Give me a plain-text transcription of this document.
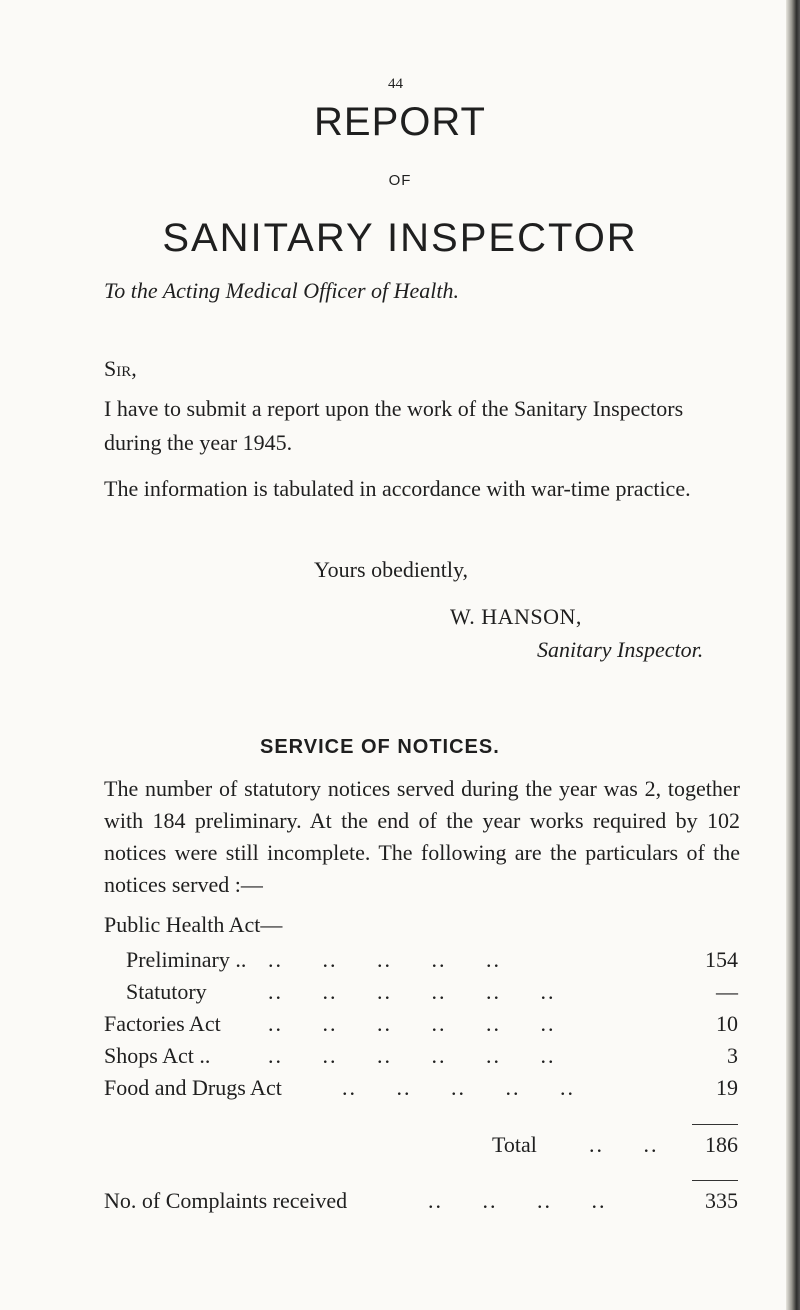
44
REPORT
OF
SANITARY INSPECTOR
To the Acting Medical Officer of Health.
Sir,
I have to submit a report upon the work of the Sanitary Inspectors during the year 1945.
The information is tabulated in accordance with war-time practice.
Yours obediently,
W. HANSON,
Sanitary Inspector.
SERVICE OF NOTICES.
The number of statutory notices served during the year was 2, together with 184 preliminary. At the end of the year works required by 102 notices were still incomplete. The following are the particulars of the notices served :—
Public Health Act—
Preliminary .. .. .. .. .. ..	154
Statutory	.. .. .. .. .. ..	—
Factories Act .. .. .. .. .. ..	10
Shops Act ..	.. .. .. .. .. ..	3
Food and Drugs Act	.. .. .. .. ..	19
Total .. .. 186
No. of Complaints received	.. .. .. ..	335
